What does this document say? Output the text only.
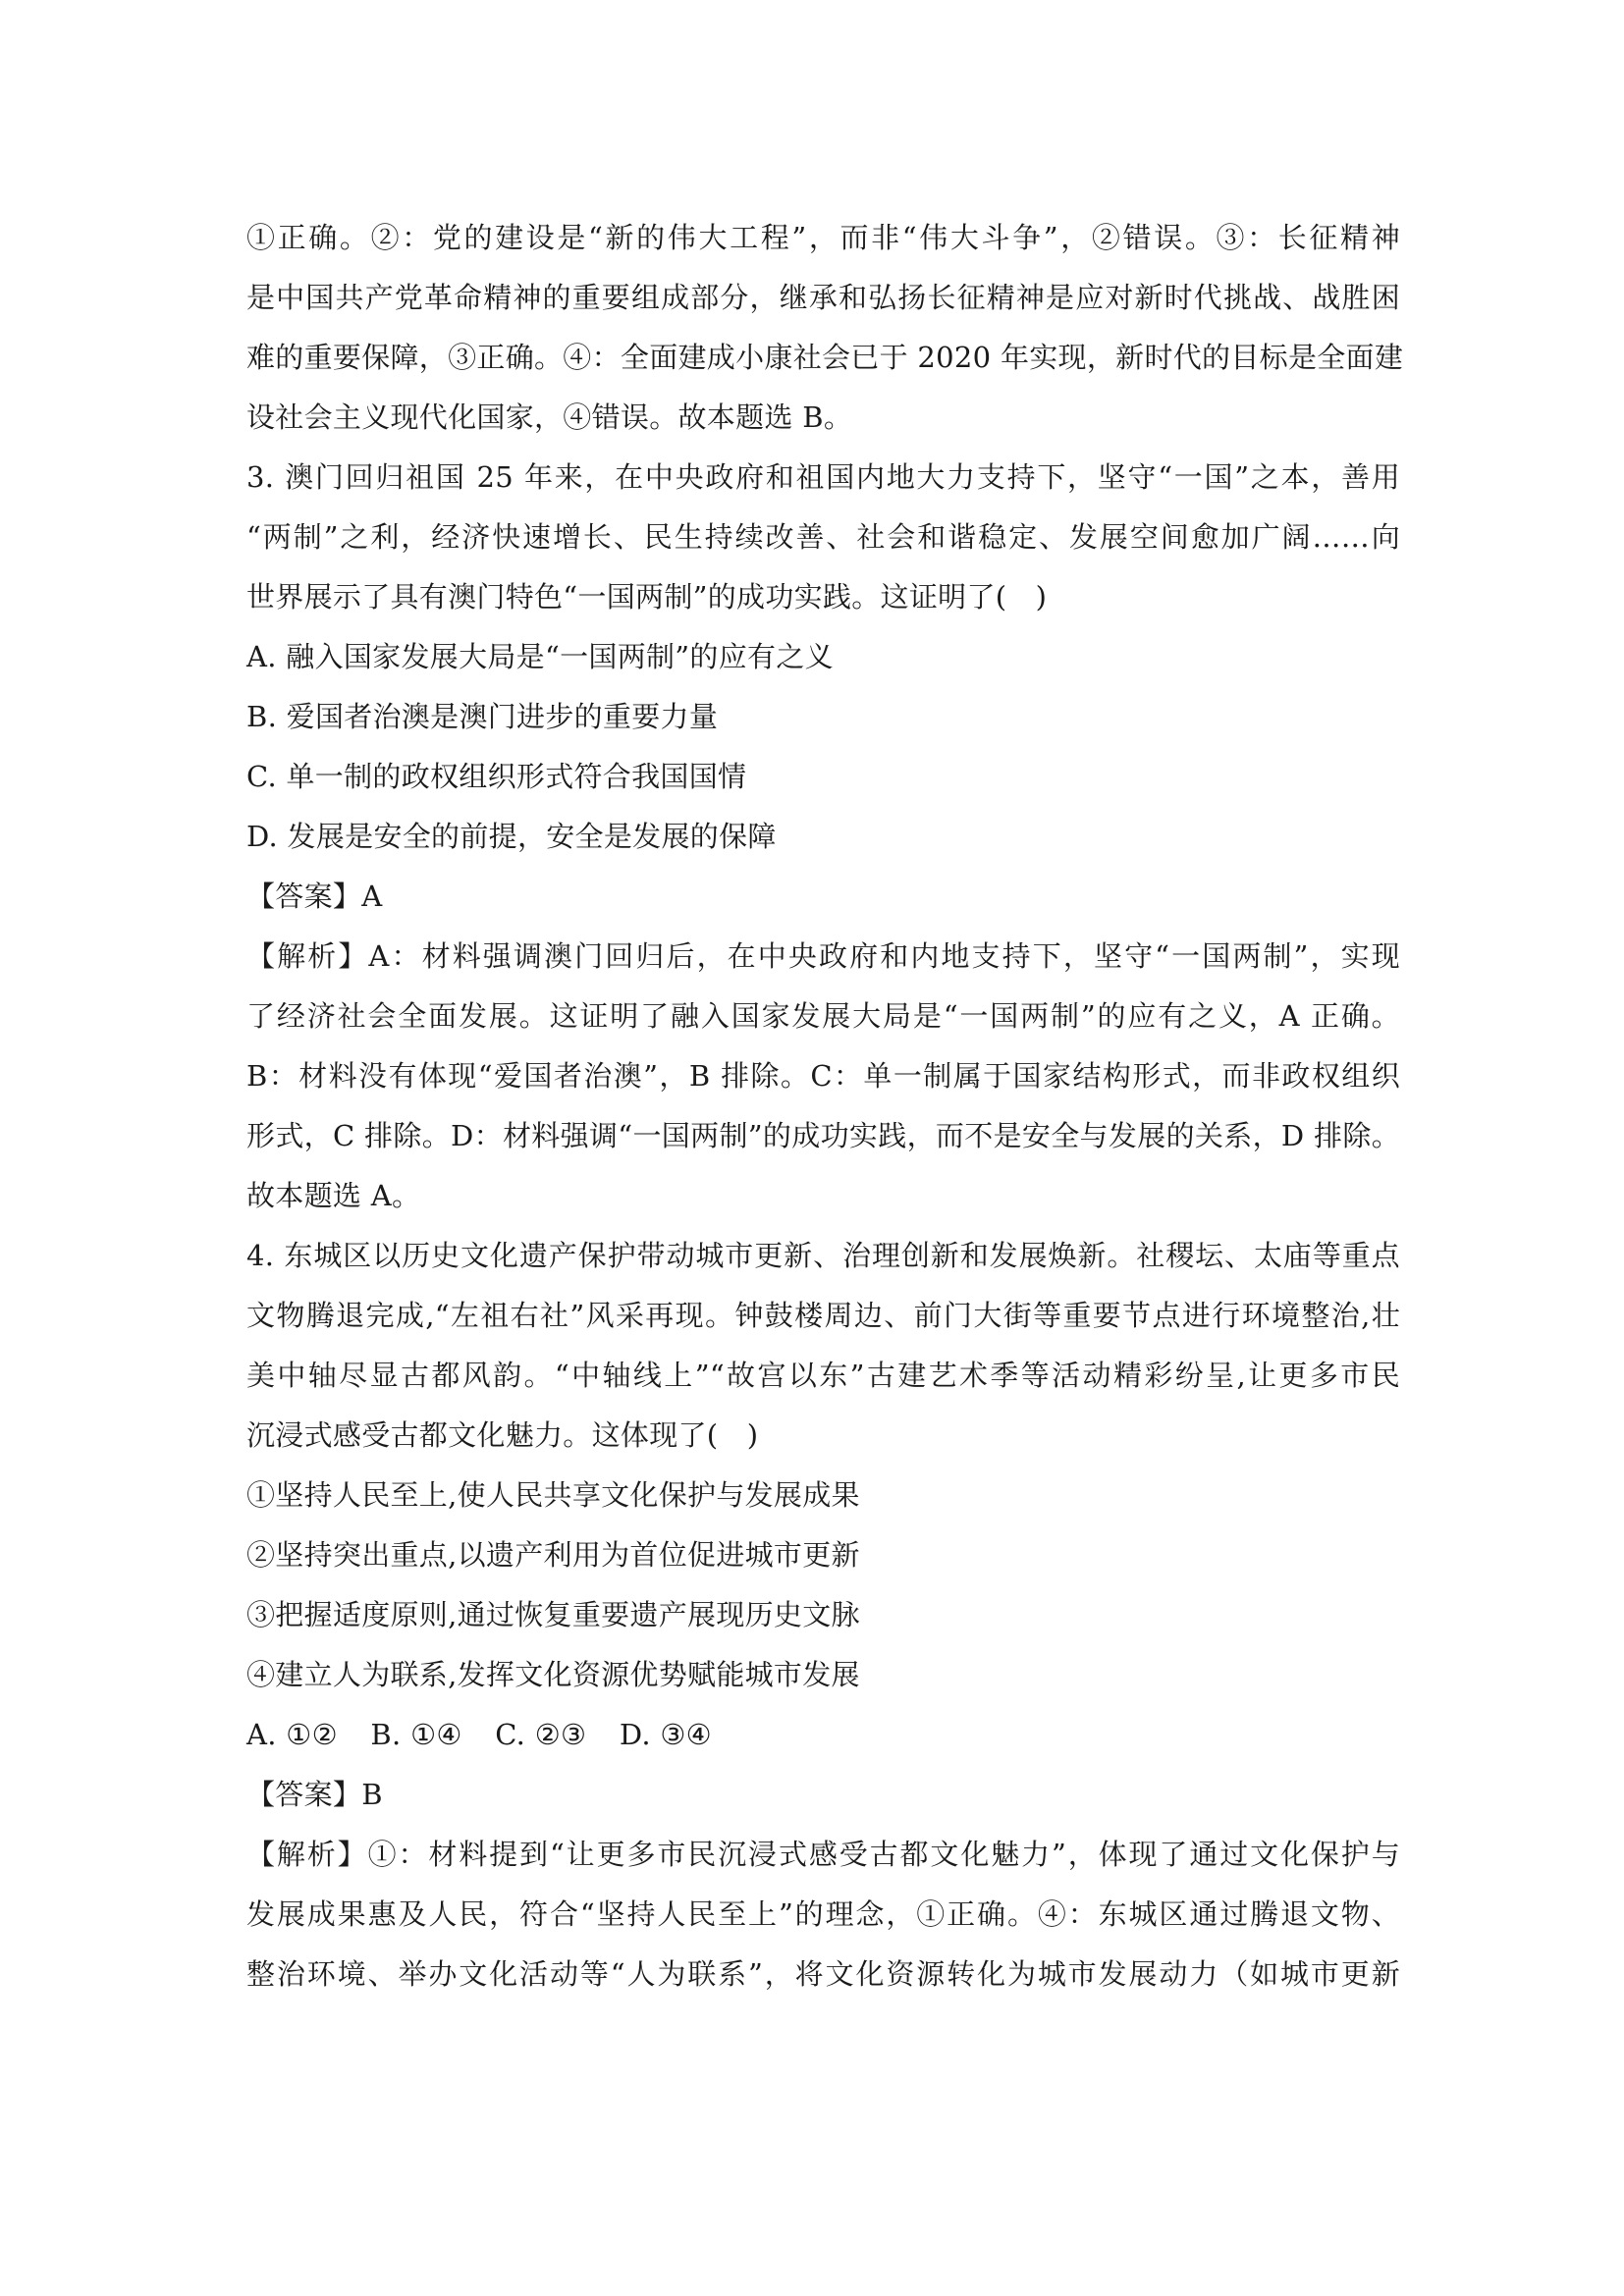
①正确。②：党的建设是“新的伟大工程”，而非“伟大斗争”，②错误。③：长征精神
是中国共产党革命精神的重要组成部分，继承和弘扬长征精神是应对新时代挑战、战胜困
难的重要保障，③正确。④：全面建成小康社会已于 2020 年实现，新时代的目标是全面建
设社会主义现代化国家，④错误。故本题选 B。
3. 澳门回归祖国 25 年来，在中央政府和祖国内地大力支持下，坚守“一国”之本，善用
“两制”之利，经济快速增长、民生持续改善、社会和谐稳定、发展空间愈加广阔……向
世界展示了具有澳门特色“一国两制”的成功实践。这证明了(　)
A. 融入国家发展大局是“一国两制”的应有之义
B. 爱国者治澳是澳门进步的重要力量
C. 单一制的政权组织形式符合我国国情
D. 发展是安全的前提，安全是发展的保障
【答案】A
【解析】A：材料强调澳门回归后，在中央政府和内地支持下，坚守“一国两制”，实现
了经济社会全面发展。这证明了融入国家发展大局是“一国两制”的应有之义，A 正确。
B：材料没有体现“爱国者治澳”，B 排除。C：单一制属于国家结构形式，而非政权组织
形式，C 排除。D：材料强调“一国两制”的成功实践，而不是安全与发展的关系，D 排除。
故本题选 A。
4. 东城区以历史文化遗产保护带动城市更新、治理创新和发展焕新。社稷坛、太庙等重点
文物腾退完成,“左祖右社”风采再现。钟鼓楼周边、前门大街等重要节点进行环境整治,壮
美中轴尽显古都风韵。“中轴线上”“故宫以东”古建艺术季等活动精彩纷呈,让更多市民
沉浸式感受古都文化魅力。这体现了(　)
①坚持人民至上,使人民共享文化保护与发展成果
②坚持突出重点,以遗产利用为首位促进城市更新
③把握适度原则,通过恢复重要遗产展现历史文脉
④建立人为联系,发挥文化资源优势赋能城市发展
A. ①② B. ①④ C. ②③ D. ③④
【答案】B
【解析】①：材料提到“让更多市民沉浸式感受古都文化魅力”，体现了通过文化保护与
发展成果惠及人民，符合“坚持人民至上”的理念，①正确。④：东城区通过腾退文物、
整治环境、举办文化活动等“人为联系”，将文化资源转化为城市发展动力（如城市更新
